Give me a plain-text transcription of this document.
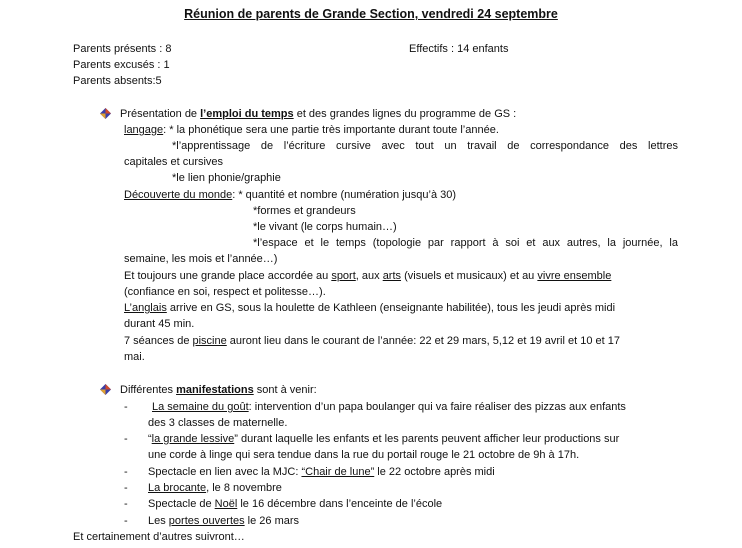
Réunion de parents de Grande Section, vendredi 24 septembre
Parents présents : 8
Parents excusés : 1
Parents absents:5
Effectifs : 14 enfants
Présentation de l’emploi du temps et des grandes lignes du programme de GS :
langage: * la phonétique sera une partie très importante durant toute l’année.
*l’apprentissage de l’écriture cursive avec tout un travail de correspondance des lettres
capitales et cursives
*le lien phonie/graphie
Découverte du monde: * quantité et nombre (numération jusqu’à 30)
*formes et grandeurs
*le vivant (le corps humain…)
*l’espace et le temps (topologie par rapport à soi et aux autres, la journée, la
semaine, les mois et l’année…)
Et toujours une grande place accordée au sport, aux arts (visuels et musicaux) et au vivre ensemble
(confiance en soi, respect et politesse…).
L’anglais arrive en GS, sous la houlette de Kathleen (enseignante habilitée), tous les jeudi après midi
durant 45 min.
7 séances de piscine auront lieu dans le courant de l’année: 22 et 29 mars, 5,12 et 19 avril et 10 et 17
mai.
Différentes manifestations sont à venir:
- La semaine du goût: intervention d’un papa boulanger qui va faire réaliser des pizzas aux enfants
des 3 classes de maternelle.
- “la grande lessive” durant laquelle les enfants et les parents peuvent afficher leur productions sur
une corde à linge qui sera tendue dans la rue du portail rouge le 21 octobre de 9h à 17h.
- Spectacle en lien avec la MJC: “Chair de lune” le 22 octobre après midi
- La brocante, le 8 novembre
- Spectacle de Noël le 16 décembre dans l’enceinte de l’école
- Les portes ouvertes le 26 mars
Et certainement d’autres suivront…
